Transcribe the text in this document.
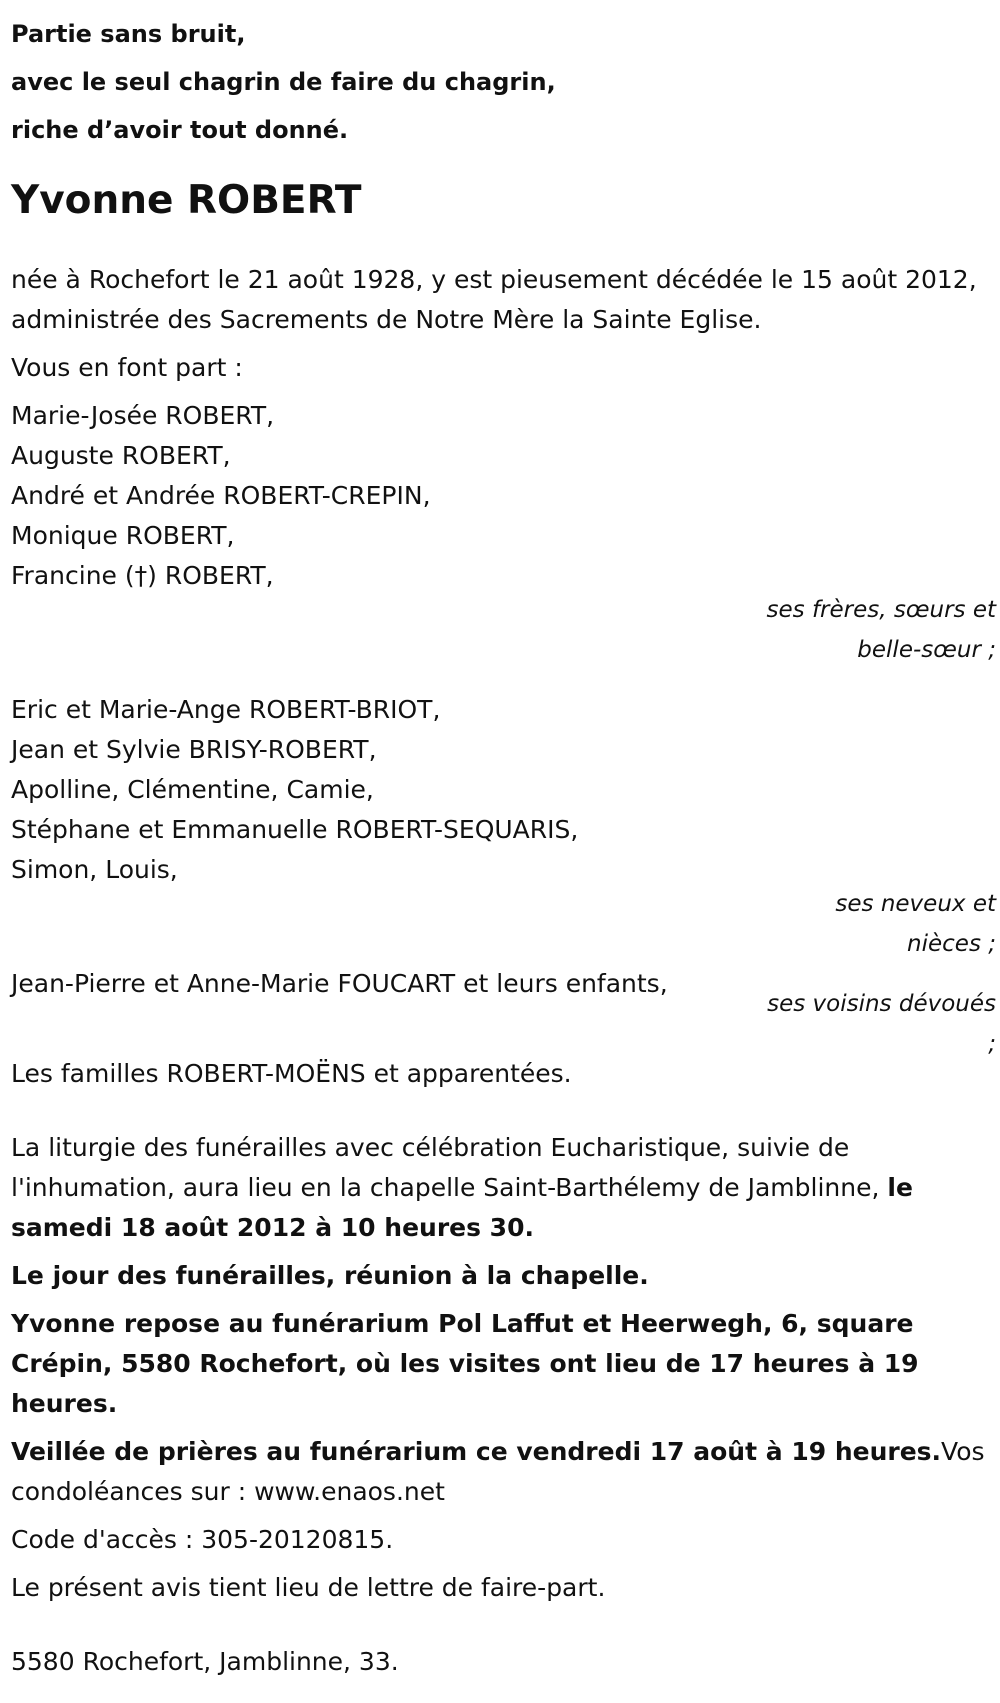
Partie sans bruit,
avec le seul chagrin de faire du chagrin,
riche d’avoir tout donné.
Yvonne ROBERT
née à Rochefort le 21 août 1928, y est pieusement décédée le 15 août 2012, administrée des Sacrements de Notre Mère la Sainte Eglise.
Vous en font part :
Marie-Josée ROBERT,
Auguste ROBERT,
André et Andrée ROBERT-CREPIN,
Monique ROBERT,
Francine (†) ROBERT,
ses frères, sœurs et
belle-sœur ;
Eric et Marie-Ange ROBERT-BRIOT,
Jean et Sylvie BRISY-ROBERT,
Apolline, Clémentine, Camie,
Stéphane et Emmanuelle ROBERT-SEQUARIS,
Simon, Louis,
ses neveux et
nièces ;
Jean-Pierre et Anne-Marie FOUCART et leurs enfants,
ses voisins dévoués
;
Les familles ROBERT-MOËNS et apparentées.
La liturgie des funérailles avec célébration Eucharistique, suivie de l'inhumation, aura lieu en la chapelle Saint-Barthélemy de Jamblinne, le samedi 18 août 2012 à 10 heures 30.
Le jour des funérailles, réunion à la chapelle.
Yvonne repose au funérarium Pol Laffut et Heerwegh, 6, square Crépin, 5580 Rochefort, où les visites ont lieu de 17 heures à 19 heures.
Veillée de prières au funérarium ce vendredi 17 août à 19 heures.Vos condoléances sur : www.enaos.net
Code d'accès : 305-20120815.
Le présent avis tient lieu de lettre de faire-part.
5580 Rochefort, Jamblinne, 33.
